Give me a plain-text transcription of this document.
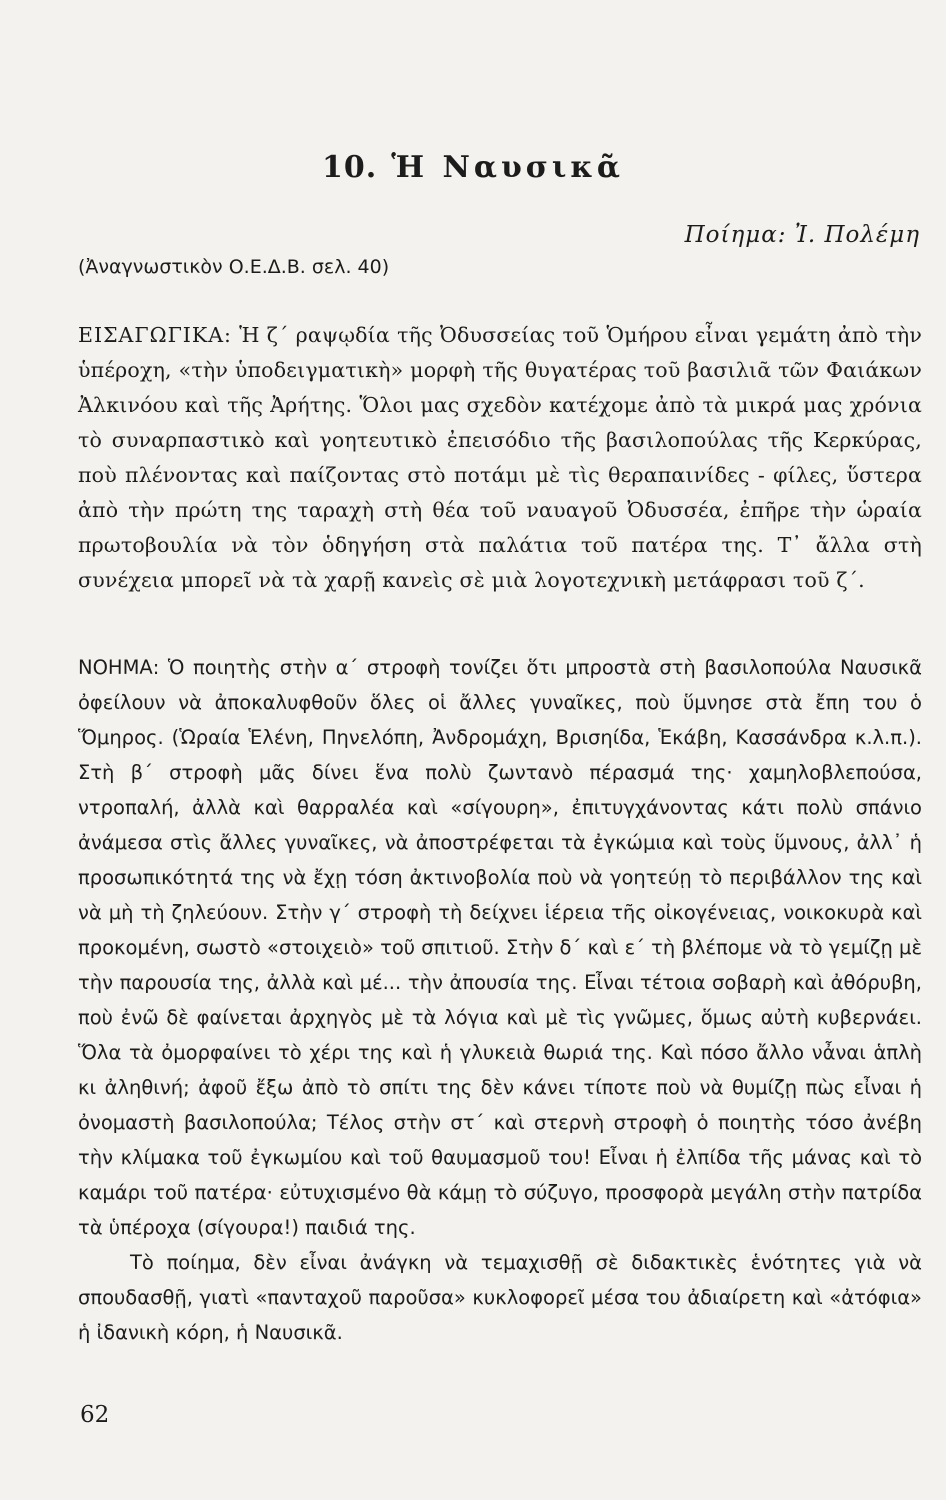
10. Ἡ Ναυσικᾶ
Ποίημα: Ἰ. Πολέμη
(Ἀναγνωστικὸν Ο.Ε.Δ.Β. σελ. 40)
ΕΙΣΑΓΩΓΙΚΑ: Ἡ ζ΄ ραψῳδία τῆς Ὀδυσσείας τοῦ Ὁμήρου εἶναι γεμάτη ἀπὸ τὴν ὑπέροχη, «τὴν ὑποδειγματικὴ» μορφὴ τῆς θυγατέρας τοῦ βασιλιᾶ τῶν Φαιάκων Ἀλκινόου καὶ τῆς Ἀρήτης. Ὅλοι μας σχεδὸν κατέχομε ἀπὸ τὰ μικρά μας χρόνια τὸ συναρπαστικὸ καὶ γοητευτικὸ ἐπεισόδιο τῆς βασιλοπούλας τῆς Κερκύρας, ποὺ πλένοντας καὶ παίζοντας στὸ ποτάμι μὲ τὶς θεραπαινίδες - φίλες, ὕστερα ἀπὸ τὴν πρώτη της ταραχὴ στὴ θέα τοῦ ναυαγοῦ Ὀδυσσέα, ἐπῆρε τὴν ὡραία πρωτοβουλία νὰ τὸν ὁδηγήση στὰ παλάτια τοῦ πατέρα της. Τ᾽ ἄλλα στὴ συνέχεια μπορεῖ νὰ τὰ χαρῇ κανεὶς σὲ μιὰ λογοτεχνικὴ μετάφρασι τοῦ ζ΄.

ΝΟΗΜΑ: Ὁ ποιητὴς στὴν α΄ στροφὴ τονίζει ὅτι μπροστὰ στὴ βασιλοπούλα Ναυσικᾶ ὀφείλουν νὰ ἀποκαλυφθοῦν ὅλες οἱ ἄλλες γυναῖκες, ποὺ ὕμνησε στὰ ἔπη του ὁ Ὅμηρος. (Ὡραία Ἑλένη, Πηνελόπη, Ἀνδρομάχη, Βρισηίδα, Ἑκάβη, Κασσάνδρα κ.λ.π.). Στὴ β΄ στροφὴ μᾶς δίνει ἕνα πολὺ ζωντανὸ πέρασμά της· χαμηλοβλεπούσα, ντροπαλή, ἀλλὰ καὶ θαρραλέα καὶ «σίγουρη», ἐπιτυγχάνοντας κάτι πολὺ σπάνιο ἀνάμεσα στὶς ἄλλες γυναῖκες, νὰ ἀποστρέφεται τὰ ἐγκώμια καὶ τοὺς ὕμνους, ἀλλ᾽ ἡ προσωπικότητά της νὰ ἔχῃ τόση ἀκτινοβολία ποὺ νὰ γοητεύῃ τὸ περιβάλλον της καὶ νὰ μὴ τὴ ζηλεύουν. Στὴν γ΄ στροφὴ τὴ δείχνει ἱέρεια τῆς οἰκογένειας, νοικοκυρὰ καὶ προκομένη, σωστὸ «στοιχειὸ» τοῦ σπιτιοῦ. Στὴν δ΄ καὶ ε΄ τὴ βλέπομε νὰ τὸ γεμίζῃ μὲ τὴν παρουσία της, ἀλλὰ καὶ μέ... τὴν ἀπουσία της. Εἶναι τέτοια σοβαρὴ καὶ ἀθόρυβη, ποὺ ἐνῶ δὲ φαίνεται ἀρχηγὸς μὲ τὰ λόγια καὶ μὲ τὶς γνῶμες, ὅμως αὐτὴ κυβερνάει. Ὅλα τὰ ὀμορφαίνει τὸ χέρι της καὶ ἡ γλυκειὰ θωριά της. Καὶ πόσο ἄλλο νἆναι ἁπλὴ κι ἀληθινή; ἀφοῦ ἔξω ἀπὸ τὸ σπίτι της δὲν κάνει τίποτε ποὺ νὰ θυμίζῃ πὼς εἶναι ἡ ὀνομαστὴ βασιλοπούλα; Τέλος στὴν στ΄ καὶ στερνὴ στροφὴ ὁ ποιητὴς τόσο ἀνέβη τὴν κλίμακα τοῦ ἐγκωμίου καὶ τοῦ θαυμασμοῦ του! Εἶναι ἡ ἐλπίδα τῆς μάνας καὶ τὸ καμάρι τοῦ πατέρα· εὐτυχισμένο θὰ κάμῃ τὸ σύζυγο, προσφορὰ μεγάλη στὴν πατρίδα τὰ ὑπέροχα (σίγουρα!) παιδιά της.

Τὸ ποίημα, δὲν εἶναι ἀνάγκη νὰ τεμαχισθῇ σὲ διδακτικὲς ἑνότητες γιὰ νὰ σπουδασθῇ, γιατὶ «πανταχοῦ παροῦσα» κυκλοφορεῖ μέσα του ἀδιαίρετη καὶ «ἀτόφια» ἡ ἰδανικὴ κόρη, ἡ Ναυσικᾶ.

62
